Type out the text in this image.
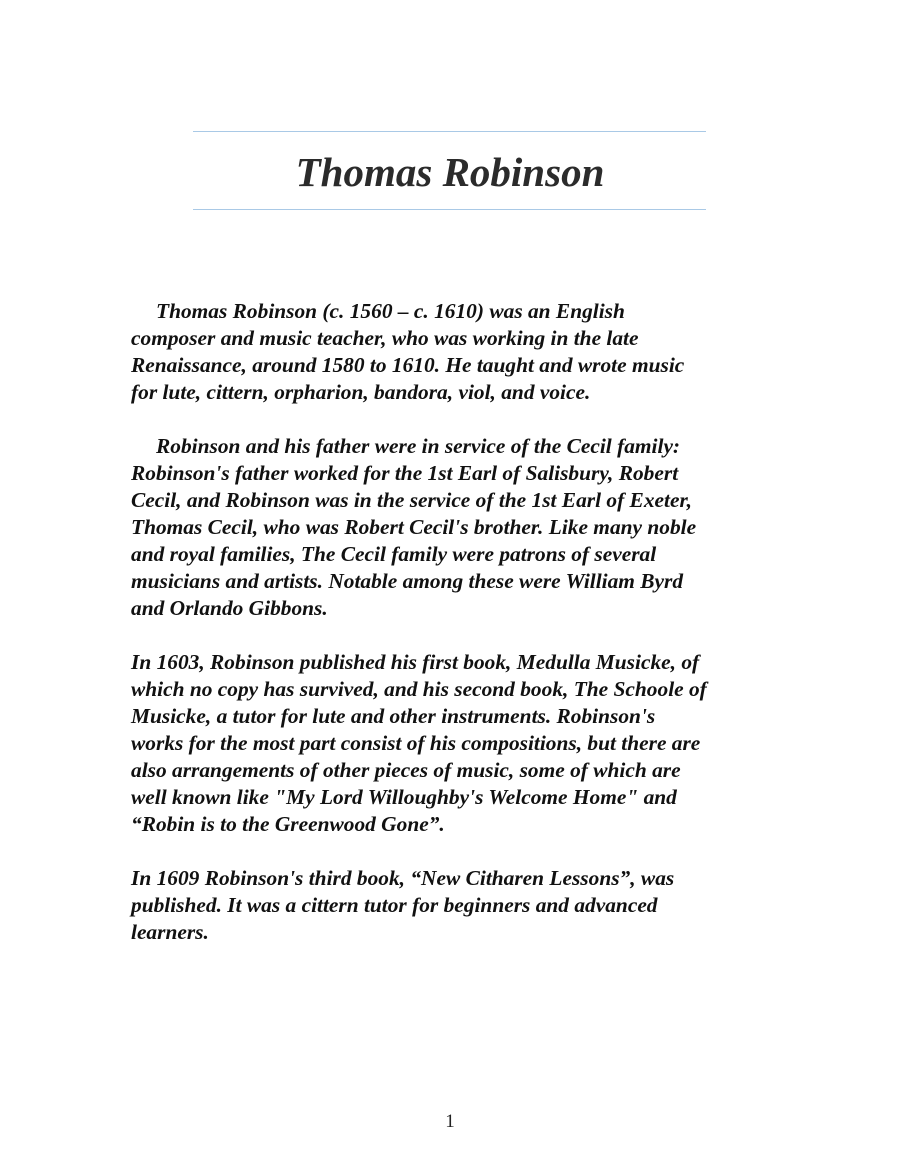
Thomas Robinson

Thomas Robinson (c. 1560 – c. 1610) was an English
composer and music teacher, who was working in the late
Renaissance, around 1580 to 1610. He taught and wrote music
for lute, cittern, orpharion, bandora, viol, and voice.

Robinson and his father were in service of the Cecil family:
Robinson's father worked for the 1st Earl of Salisbury, Robert
Cecil, and Robinson was in the service of the 1st Earl of Exeter,
Thomas Cecil, who was Robert Cecil's brother. Like many noble
and royal families, The Cecil family were patrons of several
musicians and artists. Notable among these were William Byrd
and Orlando Gibbons.

In 1603, Robinson published his first book, Medulla Musicke, of
which no copy has survived, and his second book, The Schoole of
Musicke, a tutor for lute and other instruments. Robinson's
works for the most part consist of his compositions, but there are
also arrangements of other pieces of music, some of which are
well known like "My Lord Willoughby's Welcome Home" and
“Robin is to the Greenwood Gone”.

In 1609 Robinson's third book, “New Citharen Lessons”, was
published. It was a cittern tutor for beginners and advanced
learners.

1
